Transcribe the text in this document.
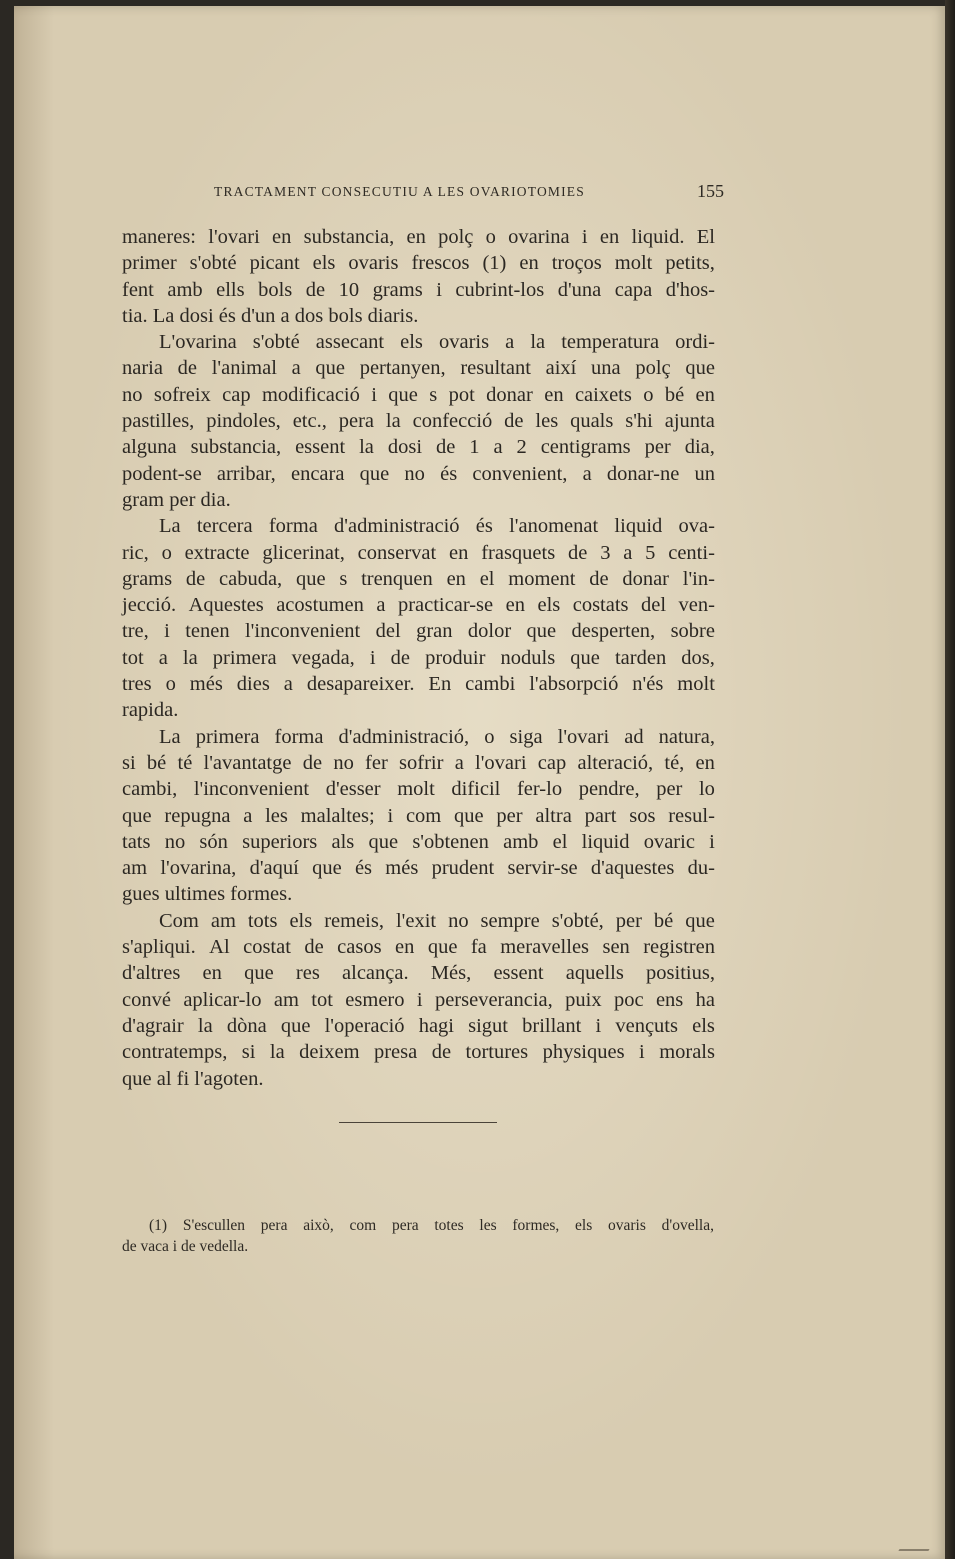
TRACTAMENT CONSECUTIU A LES OVARIOTOMIES	155
maneres: l'ovari en substancia, en polç o ovarina i en liquid. El
primer s'obté picant els ovaris frescos (1) en troços molt petits,
fent amb ells bols de 10 grams i cubrint-los d'una capa d'hos-
tia. La dosi és d'un a dos bols diaris.
L'ovarina s'obté assecant els ovaris a la temperatura ordi-
naria de l'animal a que pertanyen, resultant així una polç que
no sofreix cap modificació i que s pot donar en caixets o bé en
pastilles, pindoles, etc., pera la confecció de les quals s'hi ajunta
alguna substancia, essent la dosi de 1 a 2 centigrams per dia,
podent-se arribar, encara que no és convenient, a donar-ne un
gram per dia.
La tercera forma d'administració és l'anomenat liquid ova-
ric, o extracte glicerinat, conservat en frasquets de 3 a 5 centi-
grams de cabuda, que s trenquen en el moment de donar l'in-
jecció. Aquestes acostumen a practicar-se en els costats del ven-
tre, i tenen l'inconvenient del gran dolor que desperten, sobre
tot a la primera vegada, i de produir noduls que tarden dos,
tres o més dies a desapareixer. En cambi l'absorpció n'és molt
rapida.
La primera forma d'administració, o siga l'ovari ad natura,
si bé té l'avantatge de no fer sofrir a l'ovari cap alteració, té, en
cambi, l'inconvenient d'esser molt dificil fer-lo pendre, per lo
que repugna a les malaltes; i com que per altra part sos resul-
tats no són superiors als que s'obtenen amb el liquid ovaric i
am l'ovarina, d'aquí que és més prudent servir-se d'aquestes du-
gues ultimes formes.
Com am tots els remeis, l'exit no sempre s'obté, per bé que
s'apliqui. Al costat de casos en que fa meravelles sen registren
d'altres en que res alcança. Més, essent aquells positius,
convé aplicar-lo am tot esmero i perseverancia, puix poc ens ha
d'agrair la dòna que l'operació hagi sigut brillant i vençuts els
contratemps, si la deixem presa de tortures physiques i morals
que al fi l'agoten.
(1) S'escullen pera això, com pera totes les formes, els ovaris d'ovella,
de vaca i de vedella.
